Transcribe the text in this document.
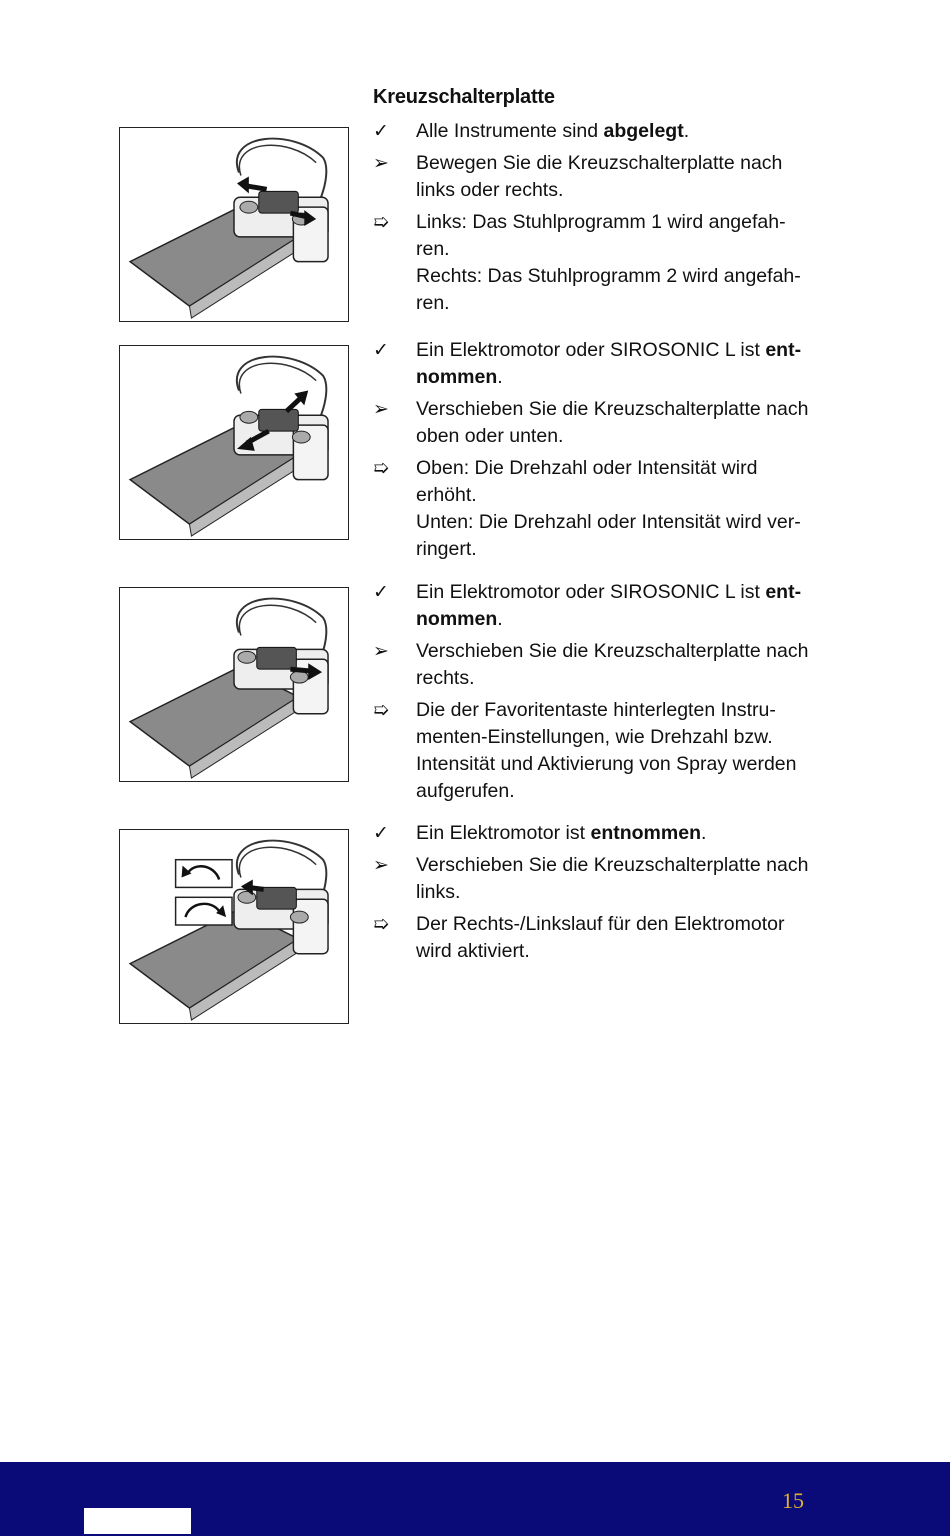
Kreuzschalterplatte
✓	Alle Instrumente sind abgelegt.
➢	Bewegen Sie die Kreuzschalterplatte nach
links oder rechts.
➯	Links: Das Stuhlprogramm 1 wird angefah-
ren.
Rechts: Das Stuhlprogramm 2 wird angefah-
ren.
✓	Ein Elektromotor oder SIROSONIC L ist ent-
nommen.
➢	Verschieben Sie die Kreuzschalterplatte nach
oben oder unten.
➯	Oben: Die Drehzahl oder Intensität wird
erhöht.
Unten: Die Drehzahl oder Intensität wird ver-
ringert.
✓	Ein Elektromotor oder SIROSONIC L ist ent-
nommen.
➢	Verschieben Sie die Kreuzschalterplatte nach
rechts.
➯	Die der Favoritentaste hinterlegten Instru-
menten-Einstellungen, wie Drehzahl bzw.
Intensität und Aktivierung von Spray werden
aufgerufen.
✓	Ein Elektromotor ist entnommen.
➢	Verschieben Sie die Kreuzschalterplatte nach
links.
➯	Der Rechts-/Linkslauf für den Elektromotor
wird aktiviert.
15
